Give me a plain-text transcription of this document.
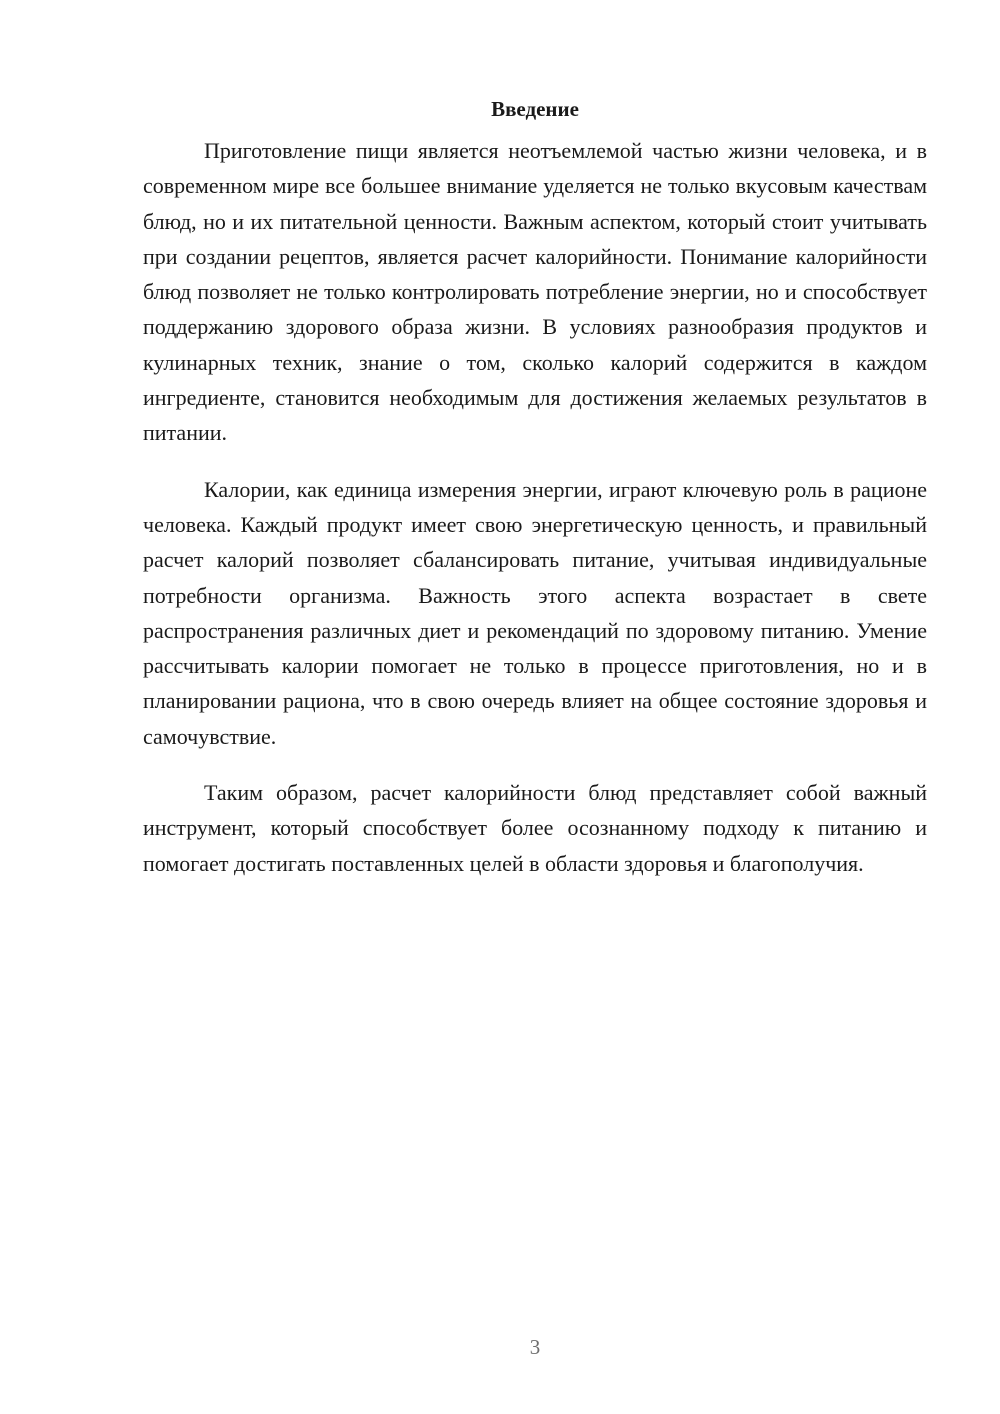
Введение

Приготовление пищи является неотъемлемой частью жизни человека, и в современном мире все большее внимание уделяется не только вкусовым качествам блюд, но и их питательной ценности. Важным аспектом, который стоит учитывать при создании рецептов, является расчет калорийности. Понимание калорийности блюд позволяет не только контролировать потребление энергии, но и способствует поддержанию здорового образа жизни. В условиях разнообразия продуктов и кулинарных техник, знание о том, сколько калорий содержится в каждом ингредиенте, становится необходимым для достижения желаемых результатов в питании.

Калории, как единица измерения энергии, играют ключевую роль в рационе человека. Каждый продукт имеет свою энергетическую ценность, и правильный расчет калорий позволяет сбалансировать питание, учитывая индивидуальные потребности организма. Важность этого аспекта возрастает в свете распространения различных диет и рекомендаций по здоровому питанию. Умение рассчитывать калории помогает не только в процессе приготовления, но и в планировании рациона, что в свою очередь влияет на общее состояние здоровья и самочувствие.

Таким образом, расчет калорийности блюд представляет собой важный инструмент, который способствует более осознанному подходу к питанию и помогает достигать поставленных целей в области здоровья и благополучия.

3
